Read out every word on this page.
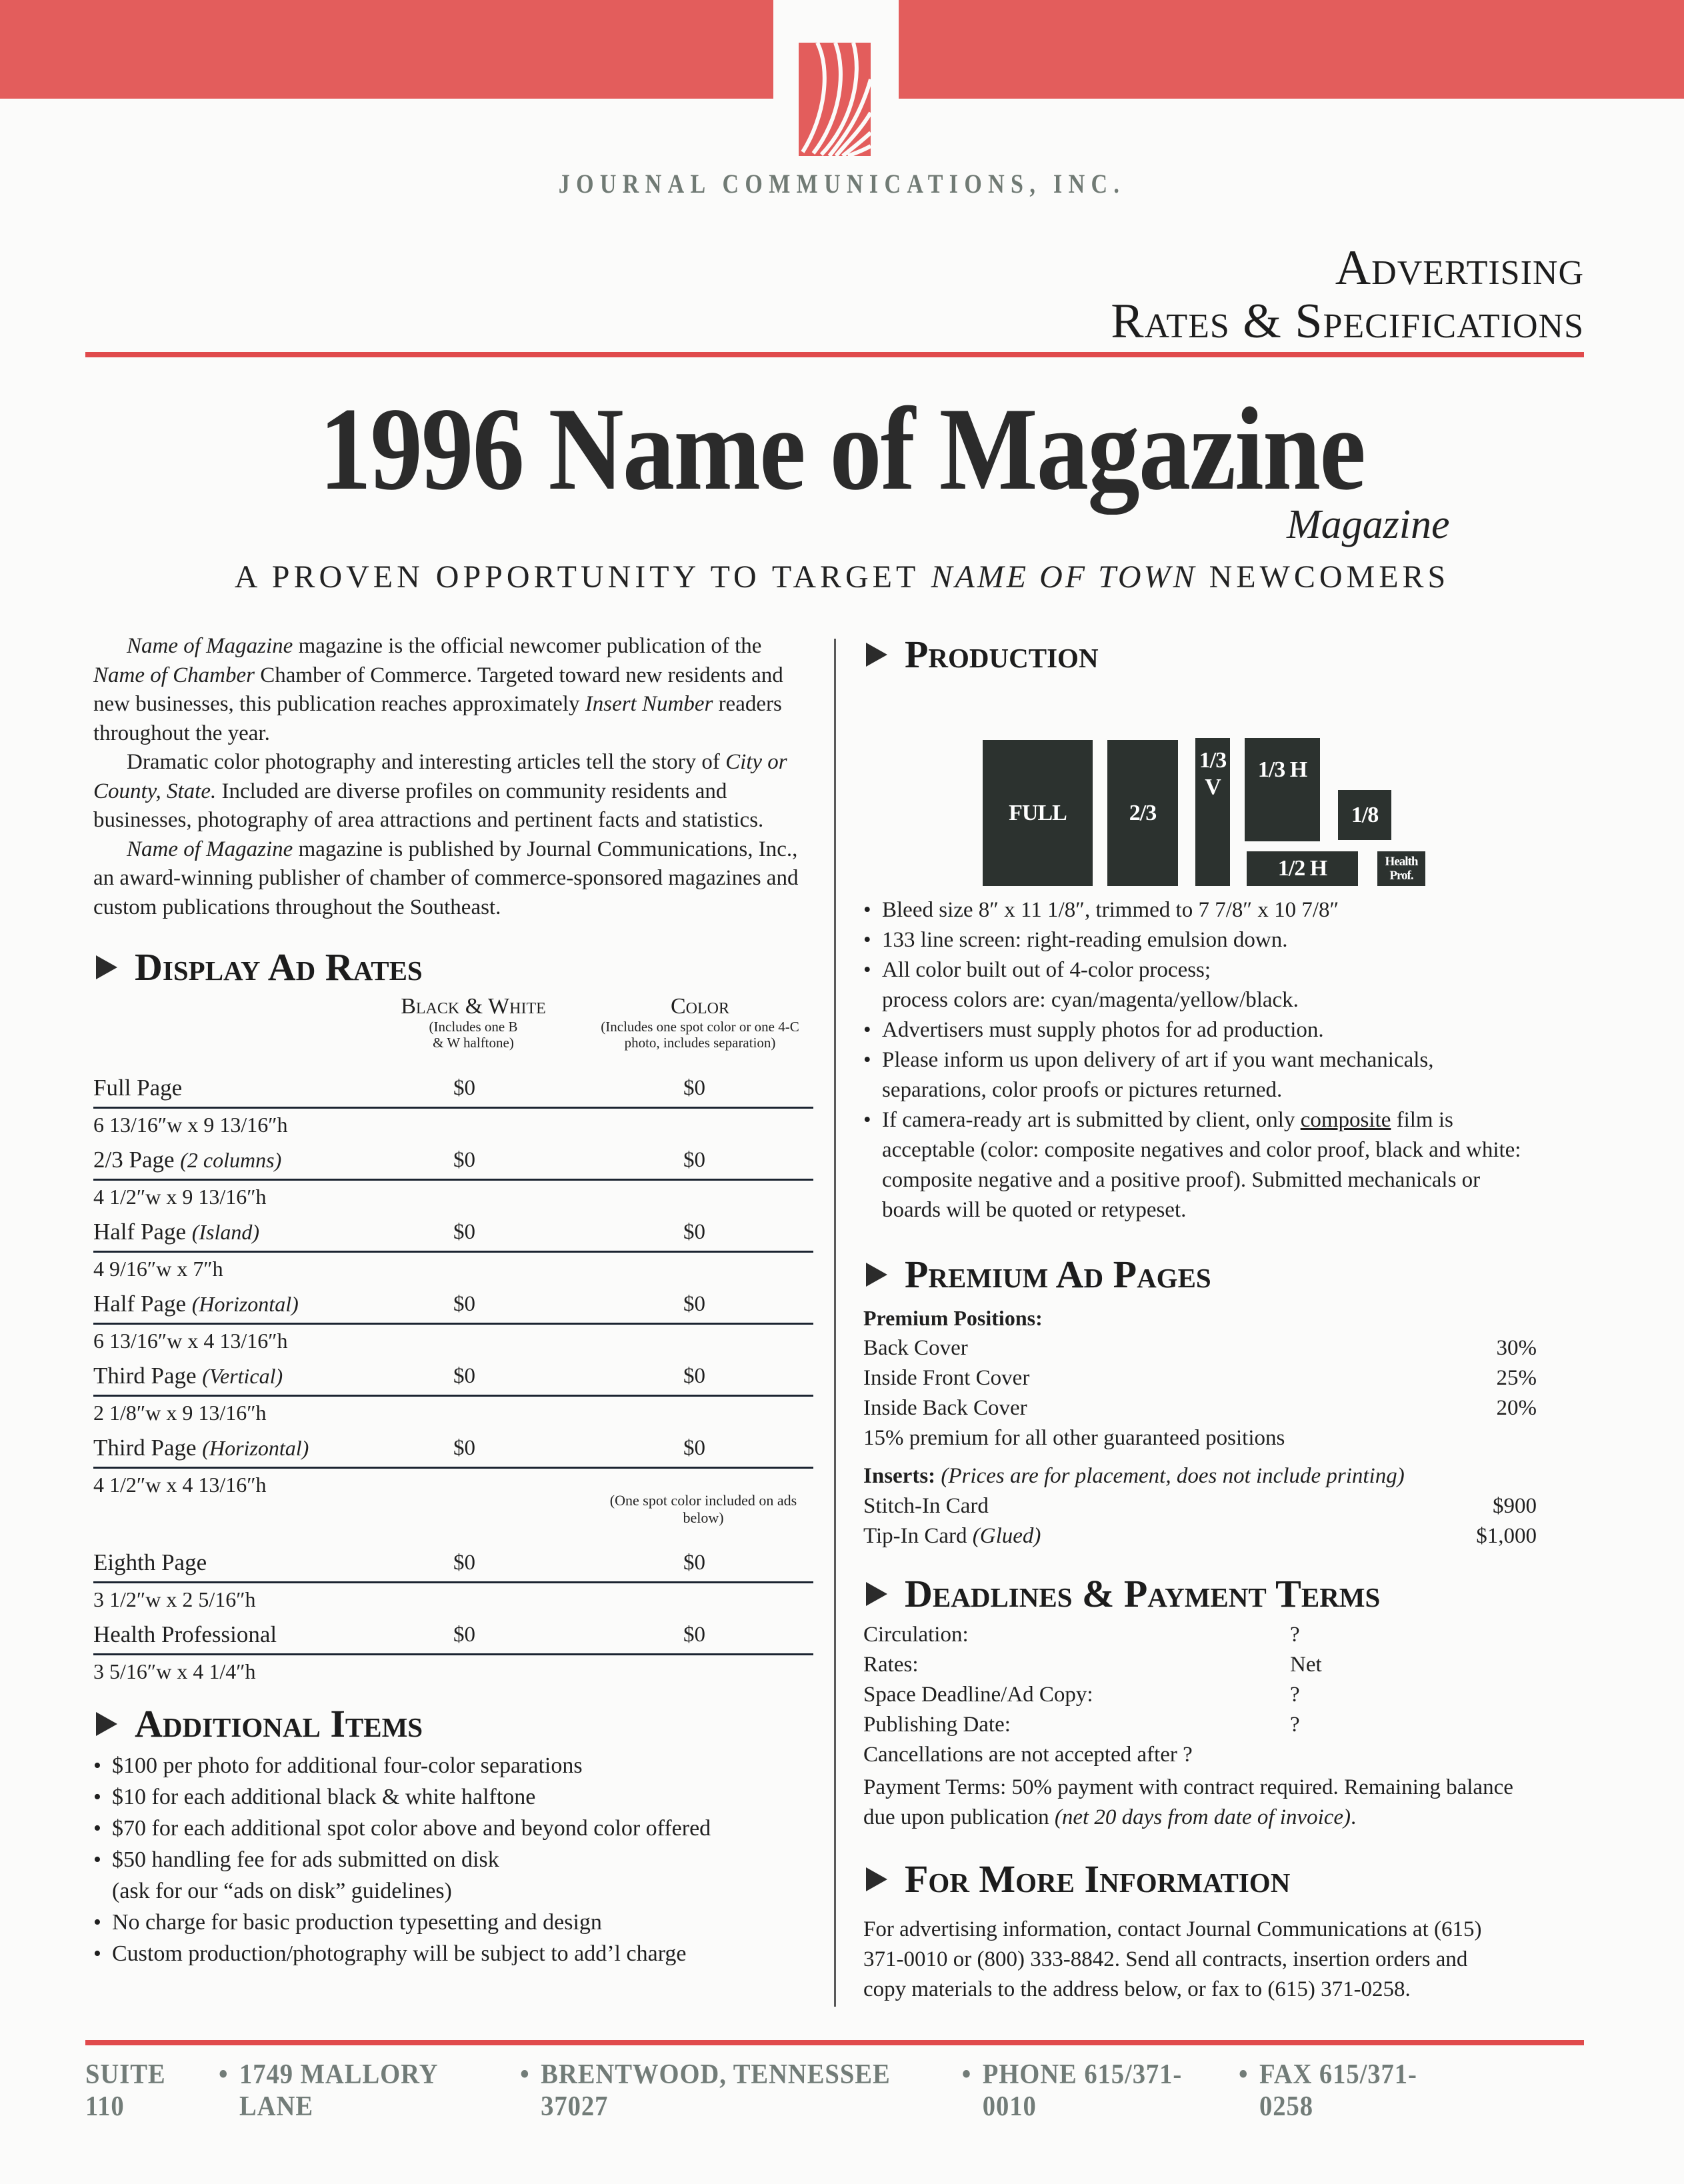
JOURNAL COMMUNICATIONS, INC.
Advertising
Rates & Specifications
1996 Name of Magazine
Magazine
A PROVEN OPPORTUNITY TO TARGET NAME OF TOWN NEWCOMERS

Name of Magazine magazine is the official newcomer publication of the Name of Chamber Chamber of Commerce. Targeted toward new residents and new businesses, this publication reaches approximately Insert Number readers throughout the year.

Dramatic color photography and interesting articles tell the story of City or County, State. Included are diverse profiles on community residents and businesses, photography of area attractions and pertinent facts and statistics.

Name of Magazine magazine is published by Journal Communications, Inc., an award-winning publisher of chamber of commerce-sponsored magazines and custom publications throughout the Southeast.

Display Ad Rates
Black & White
(Includes one B & W halftone)
Color
(Includes one spot color or one 4-C photo, includes separation)
Full Page	$0	$0
6 13/16″w x 9 13/16″h
2/3 Page (2 columns)	$0	$0
4 1/2″w x 9 13/16″h
Half Page (Island)	$0	$0
4 9/16″w x 7″h
Half Page (Horizontal)	$0	$0
6 13/16″w x 4 13/16″h
Third Page (Vertical)	$0	$0
2 1/8″w x 9 13/16″h
Third Page (Horizontal)	$0	$0
4 1/2″w x 4 13/16″h
(One spot color included on ads below)
Eighth Page	$0	$0
3 1/2″w x 2 5/16″h
Health Professional	$0	$0
3 5/16″w x 4 1/4″h
Additional Items
• $100 per photo for additional four-color separations
• $10 for each additional black & white halftone
• $70 for each additional spot color above and beyond color offered
• $50 handling fee for ads submitted on disk
(ask for our “ads on disk” guidelines)
• No charge for basic production typesetting and design
• Custom production/photography will be subject to add’l charge
Production
FULL	2/3
1/3
V
1/3 H
1/8
1/2 H	Health
Prof.
• Bleed size 8″ x 11 1/8″, trimmed to 7 7/8″ x 10 7/8″
• 133 line screen: right-reading emulsion down.
• All color built out of 4-color process;
process colors are: cyan/magenta/yellow/black.
• Advertisers must supply photos for ad production.
• Please inform us upon delivery of art if you want mechanicals, separations, color proofs or pictures returned.
• If camera-ready art is submitted by client, only composite film is acceptable (color: composite negatives and color proof, black and white: composite negative and a positive proof). Submitted mechanicals or boards will be quoted or retypeset.
Premium Ad Pages
Premium Positions:
Back Cover	30%
Inside Front Cover	25%
Inside Back Cover	20%
15% premium for all other guaranteed positions
Inserts: (Prices are for placement, does not include printing)
Stitch-In Card	$900
Tip-In Card (Glued)	$1,000
Deadlines & Payment Terms
Circulation:	?
Rates:	Net
Space Deadline/Ad Copy:	?
Publishing Date:	?
Cancellations are not accepted after ?
Payment Terms: 50% payment with contract required. Remaining balance due upon publication (net 20 days from date of invoice).
For More Information
For advertising information, contact Journal Communications at (615) 371-0010 or (800) 333-8842. Send all contracts, insertion orders and copy materials to the address below, or fax to (615) 371-0258.
SUITE 110
• 1749 MALLORY LANE
• BRENTWOOD, TENNESSEE 37027
• PHONE 615/371-0010
• FAX 615/371-0258
